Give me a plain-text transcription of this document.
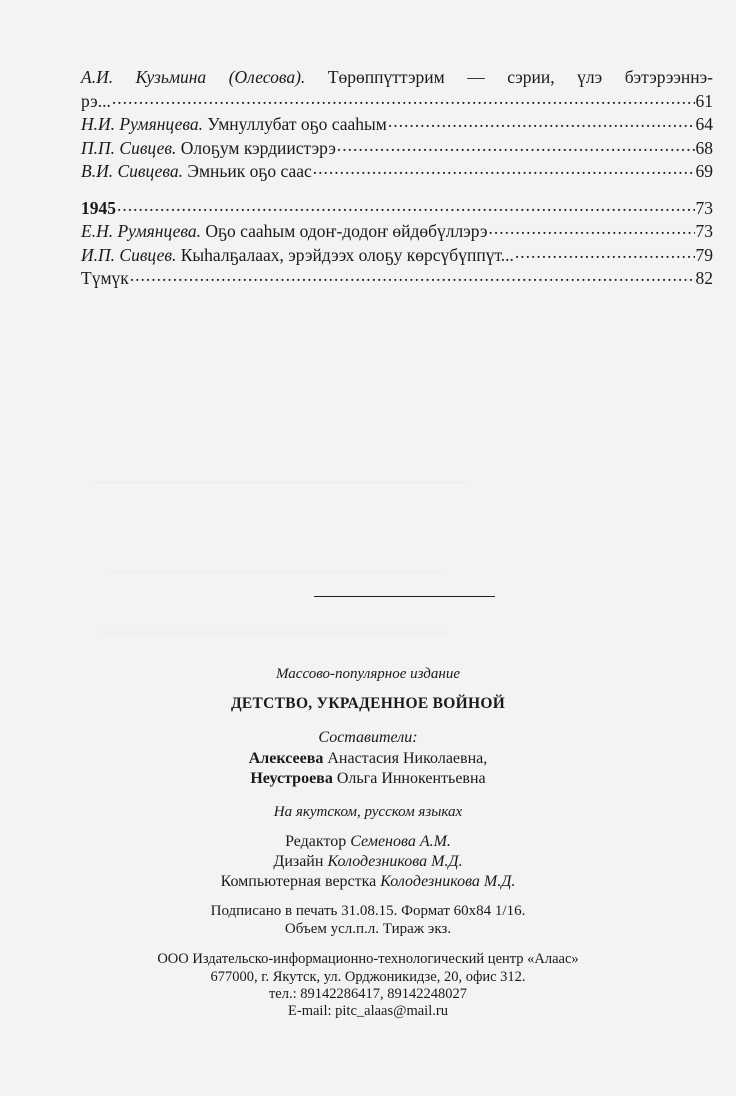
...............................................................................................
...................................................................................
.......................................................................................
А.И. Кузьмина (Олесова). Төрөппүттэрим — сэрии, үлэ бэтэрээннэ-
рэ... .....	61
Н.И. Румянцева.
Умнуллубат оҕо сааһым .....	64
П.П. Сивцев.
Олоҕум кэрдиистэрэ .....	68
В.И. Сивцева.
Эмньик оҕо саас .....	69
1945 .....	73
Е.Н. Румянцева.
Оҕо сааһым одоҥ-додоҥ өйдөбүллэрэ .....	73
И.П. Сивцев.
Кыһалҕалаах, эрэйдээх олоҕу көрсүбүппүт... .....	79
Түмүк .....	82
Массово-популярное издание
ДЕТСТВО, УКРАДЕННОЕ ВОЙНОЙ
Составители:
Алексеева Анастасия Николаевна,
Неустроева Ольга Иннокентьевна
На якутском, русском языках
Редактор Семенова А.М.
Дизайн Колодезникова М.Д.
Компьютерная верстка Колодезникова М.Д.
Подписано в печать 31.08.15. Формат 60х84 1/16.
Объем усл.п.л. Тираж экз.
ООО Издательско-информационно-технологический центр «Алаас»
677000, г. Якутск, ул. Орджоникидзе, 20, офис 312.
тел.: 89142286417, 89142248027
E-mail: pitc_alaas@mail.ru
